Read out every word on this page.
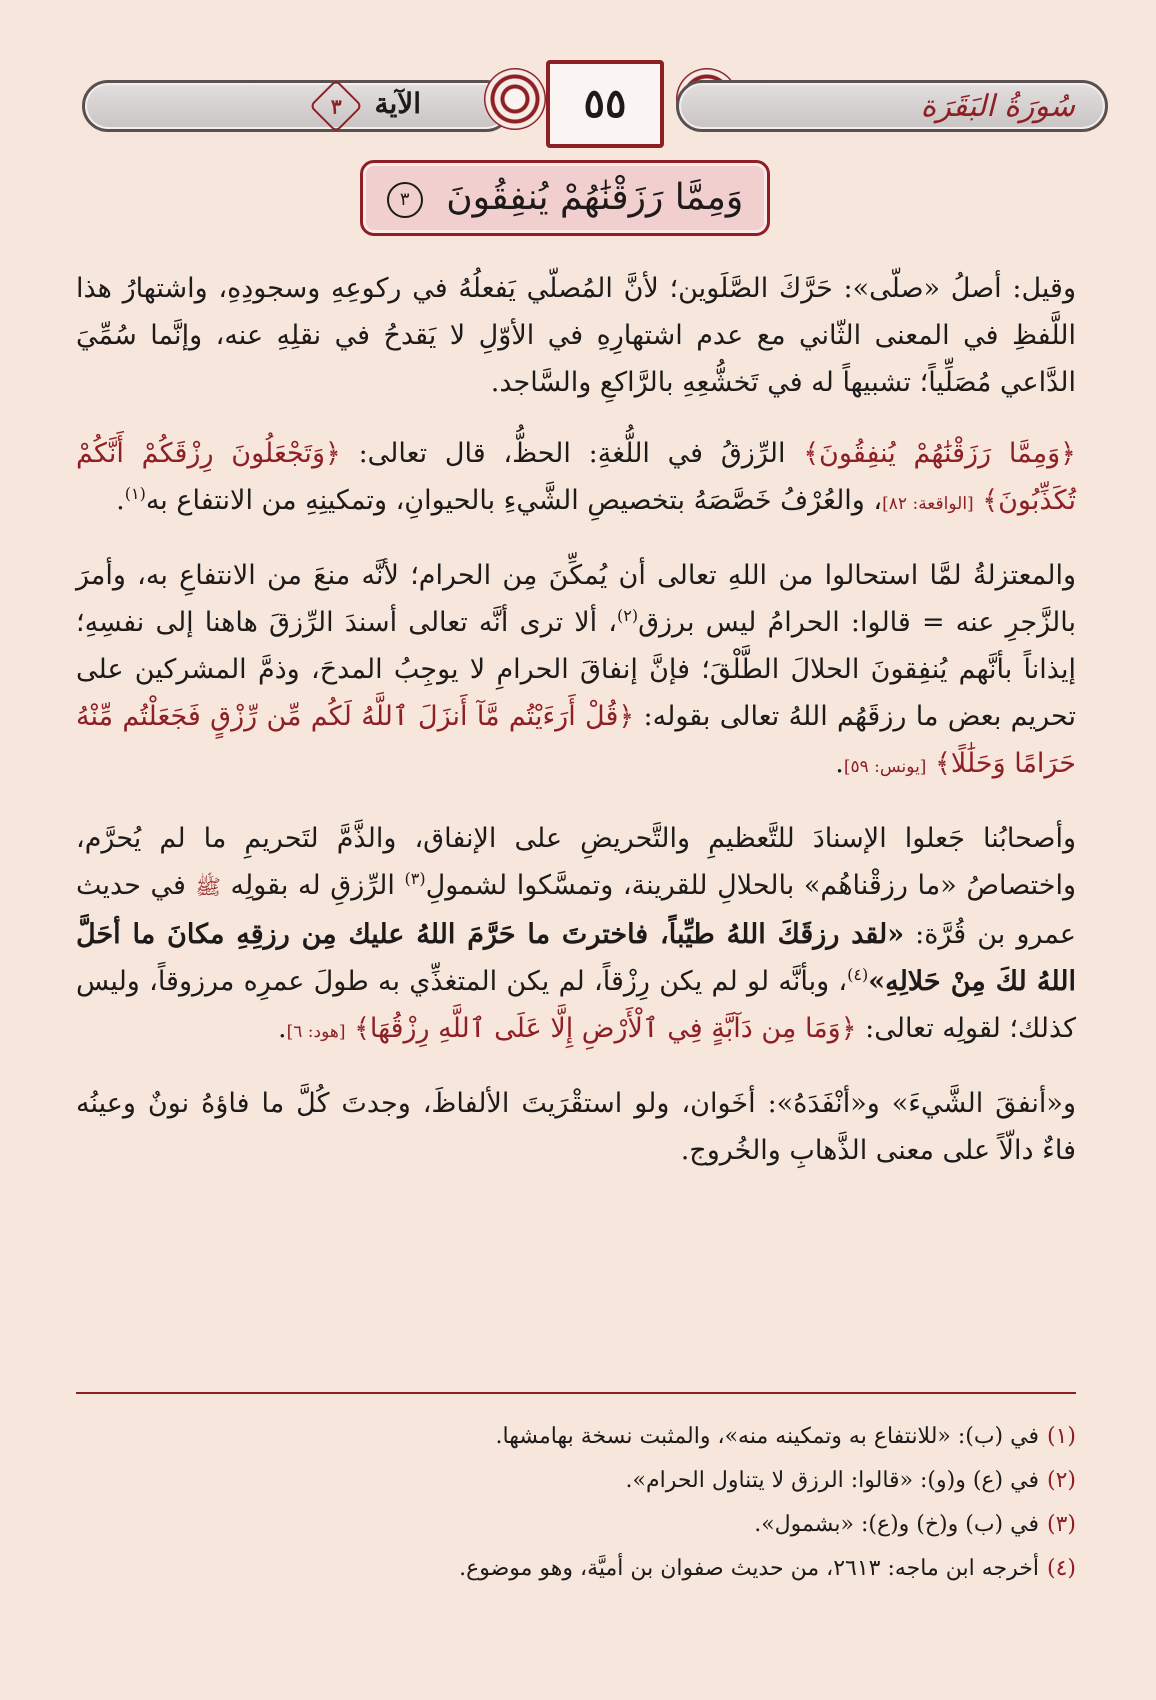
الآية ٣	٥٥	سُورَةُ البَقَرَة
وَمِمَّا رَزَقْنَٰهُمْ يُنفِقُونَ ٣

وقيل: أصلُ «صلّى»: حَرَّكَ الصَّلَوين؛ لأنَّ المُصلّي يَفعلُهُ في ركوعِهِ وسجودِهِ، واشتهارُ هذا اللَّفظِ في المعنى الثّاني مع عدم اشتهارِهِ في الأوّلِ لا يَقدحُ في نقلِهِ عنه، وإنَّما سُمِّيَ الدَّاعي مُصَلِّياً؛ تشبيهاً له في تَخشُّعِهِ بالرَّاكعِ والسَّاجد.

﴿وَمِمَّا رَزَقْنَٰهُمْ يُنفِقُونَ﴾ الرِّزقُ في اللُّغةِ: الحظُّ، قال تعالى: ﴿وَتَجْعَلُونَ رِزْقَكُمْ أَنَّكُمْ تُكَذِّبُونَ﴾ [الواقعة: ٨٢]، والعُرْفُ خَصَّصَهُ بتخصيصِ الشَّيءِ بالحيوانِ، وتمكينِهِ من الانتفاع به$^{(١)}$.

والمعتزلةُ لمَّا استحالوا من اللهِ تعالى أن يُمكِّنَ مِن الحرام؛ لأنَّه منعَ من الانتفاعِ به، وأمرَ بالزَّجرِ عنه = قالوا: الحرامُ ليس برزق$^{(٢)}$، ألا ترى أنَّه تعالى أسندَ الرِّزقَ هاهنا إلى نفسِهِ؛ إيذاناً بأنَّهم يُنفِقونَ الحلالَ الطَّلْقَ؛ فإنَّ إنفاقَ الحرامِ لا يوجِبُ المدحَ، وذمَّ المشركين على تحريم بعض ما رزقَهُم اللهُ تعالى بقوله: ﴿قُلْ أَرَءَيْتُم مَّآ أَنزَلَ ٱللَّهُ لَكُم مِّن رِّزْقٍ فَجَعَلْتُم مِّنْهُ حَرَامًا وَحَلَٰلًا﴾ [يونس: ٥٩].

وأصحابُنا جَعلوا الإسنادَ للتَّعظيمِ والتَّحريضِ على الإنفاق، والذَّمَّ لتَحريمِ ما لم يُحرَّم، واختصاصُ «ما رزقْناهُم» بالحلالِ للقرينة، وتمسَّكوا لشمولِ$^{(٣)}$ الرِّزقِ له بقولِه ﷺ في حديث عمرو بن قُرَّة: «لقد رزقَكَ اللهُ طيِّباً، فاخترتَ ما حَرَّمَ اللهُ عليك مِن رزقِهِ مكانَ ما أحَلَّ اللهُ لكَ مِنْ حَلالِهِ»$^{(٤)}$، وبأنَّه لو لم يكن رِزْقاً، لم يكن المتغذِّي به طولَ عمرِه مرزوقاً، وليس كذلك؛ لقولِه تعالى: ﴿وَمَا مِن دَآبَّةٍ فِي ٱلْأَرْضِ إِلَّا عَلَى ٱللَّهِ رِزْقُهَا﴾ [هود: ٦].

و«أنفقَ الشَّيءَ» و«أنْفَدَهُ»: أخَوان، ولو استقْرَيتَ الألفاظَ، وجدتَ كُلَّ ما فاؤهُ نونٌ وعينُه فاءٌ دالّاً على معنى الذَّهابِ والخُروج.

(١)في (ب): «للانتفاع به وتمكينه منه»، والمثبت نسخة بهامشها.
(٢)في (ع) و(و): «قالوا: الرزق لا يتناول الحرام».
(٣)في (ب) و(خ) و(ع): «بشمول».
(٤)أخرجه ابن ماجه: ٢٦١٣، من حديث صفوان بن أميَّة، وهو موضوع.
